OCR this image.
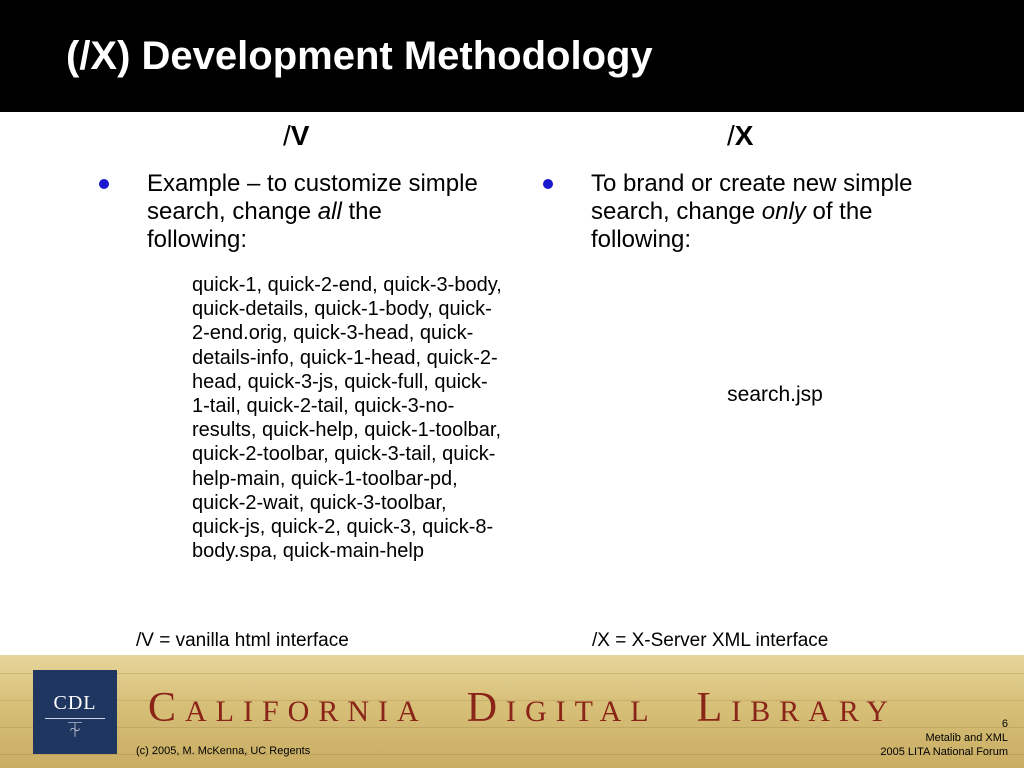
(/X) Development Methodology
/V
Example – to customize simple search, change all the following:
quick-1, quick-2-end, quick-3-body, quick-details, quick-1-body, quick-2-end.orig, quick-3-head, quick-details-info, quick-1-head, quick-2-head, quick-3-js, quick-full, quick-1-tail, quick-2-tail, quick-3-no-results, quick-help, quick-1-toolbar, quick-2-toolbar, quick-3-tail, quick-help-main, quick-1-toolbar-pd, quick-2-wait, quick-3-toolbar, quick-js, quick-2, quick-3, quick-8-body.spa, quick-main-help
/V = vanilla html interface
/X
To brand or create new simple search, change only of the following:
search.jsp
/X = X-Server XML interface
CDL
⏇	CALIFORNIA DIGITAL LIBRARY
(c) 2005, M. McKenna, UC Regents
6
Metalib and XML
2005 LITA National Forum
